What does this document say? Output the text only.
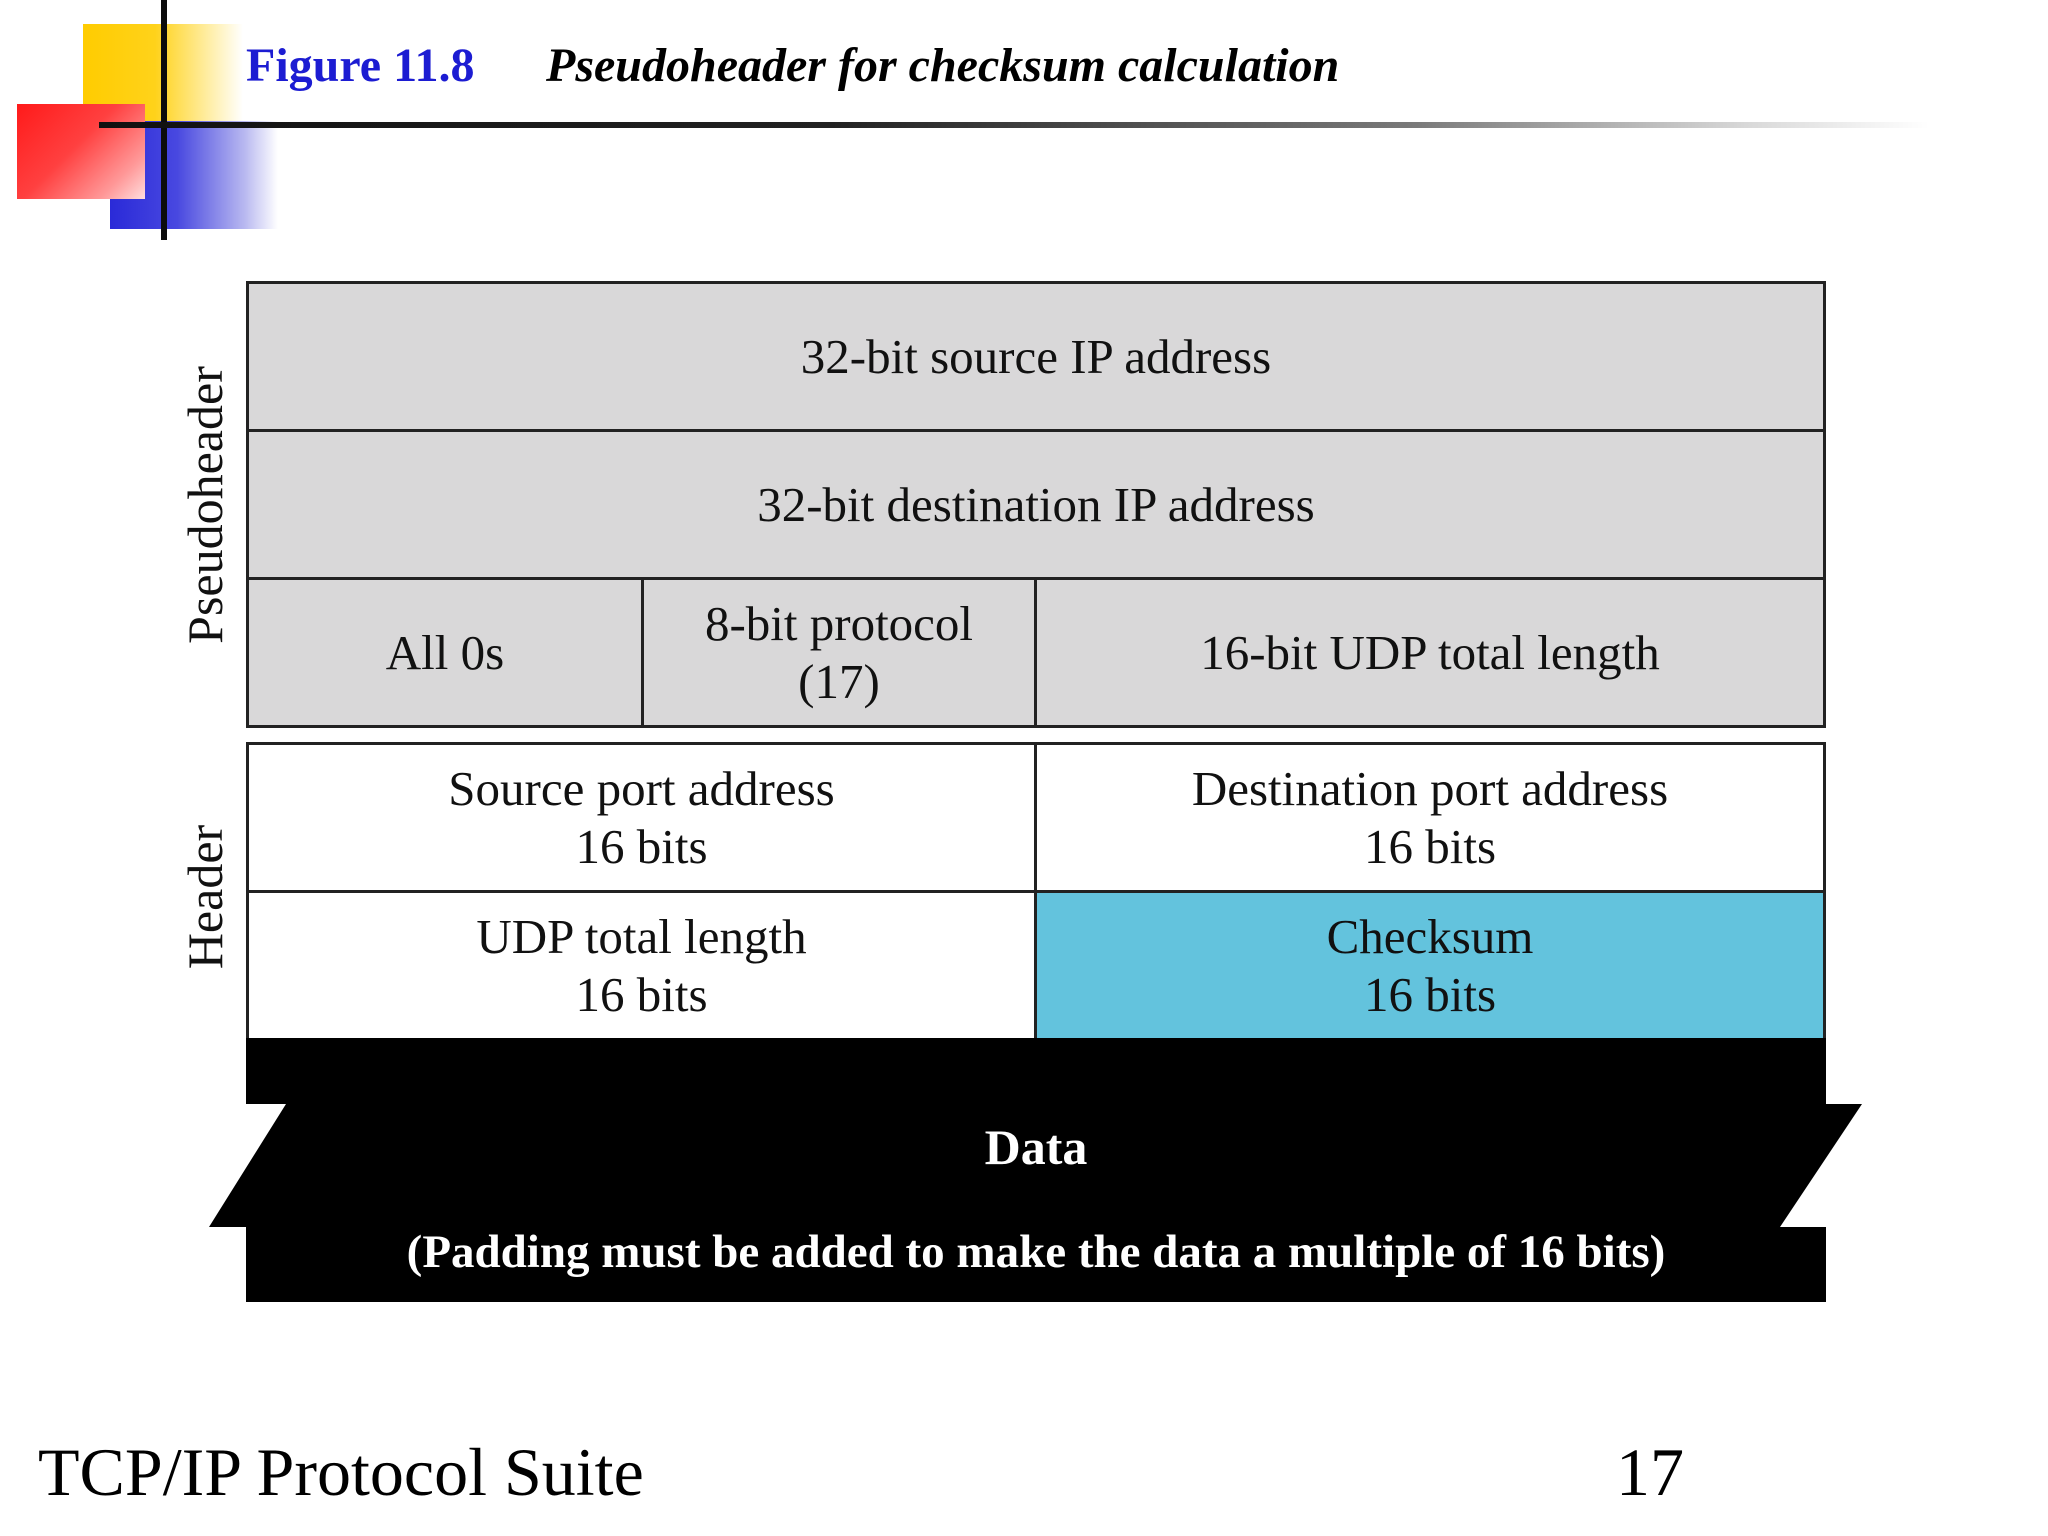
Figure 11.8 Pseudoheader for checksum calculation
Pseudoheader
Header
32-bit source IP address
32-bit destination IP address
All 0s
8-bit protocol
(17)
16-bit UDP total length
Source port address
16 bits
Destination port address
16 bits
UDP total length
16 bits
Checksum
16 bits
Data
(Padding must be added to make the data a multiple of 16 bits)
TCP/IP Protocol Suite	17
